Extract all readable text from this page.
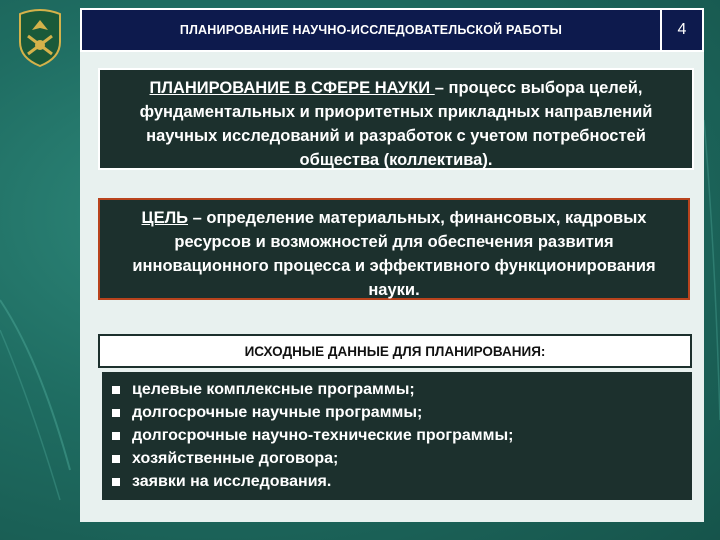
ПЛАНИРОВАНИЕ НАУЧНО-ИССЛЕДОВАТЕЛЬСКОЙ РАБОТЫ	4
ПЛАНИРОВАНИЕ В СФЕРЕ НАУКИ – процесс выбора целей, фундаментальных и приоритетных прикладных направлений научных исследований и разработок с учетом потребностей общества (коллектива).
ЦЕЛЬ – определение материальных, финансовых, кадровых ресурсов и возможностей для обеспечения развития инновационного процесса и эффективного функционирования науки.
ИСХОДНЫЕ ДАННЫЕ ДЛЯ ПЛАНИРОВАНИЯ:
целевые комплексные программы;
долгосрочные научные программы;
долгосрочные научно-технические программы;
хозяйственные договора;
заявки на исследования.
